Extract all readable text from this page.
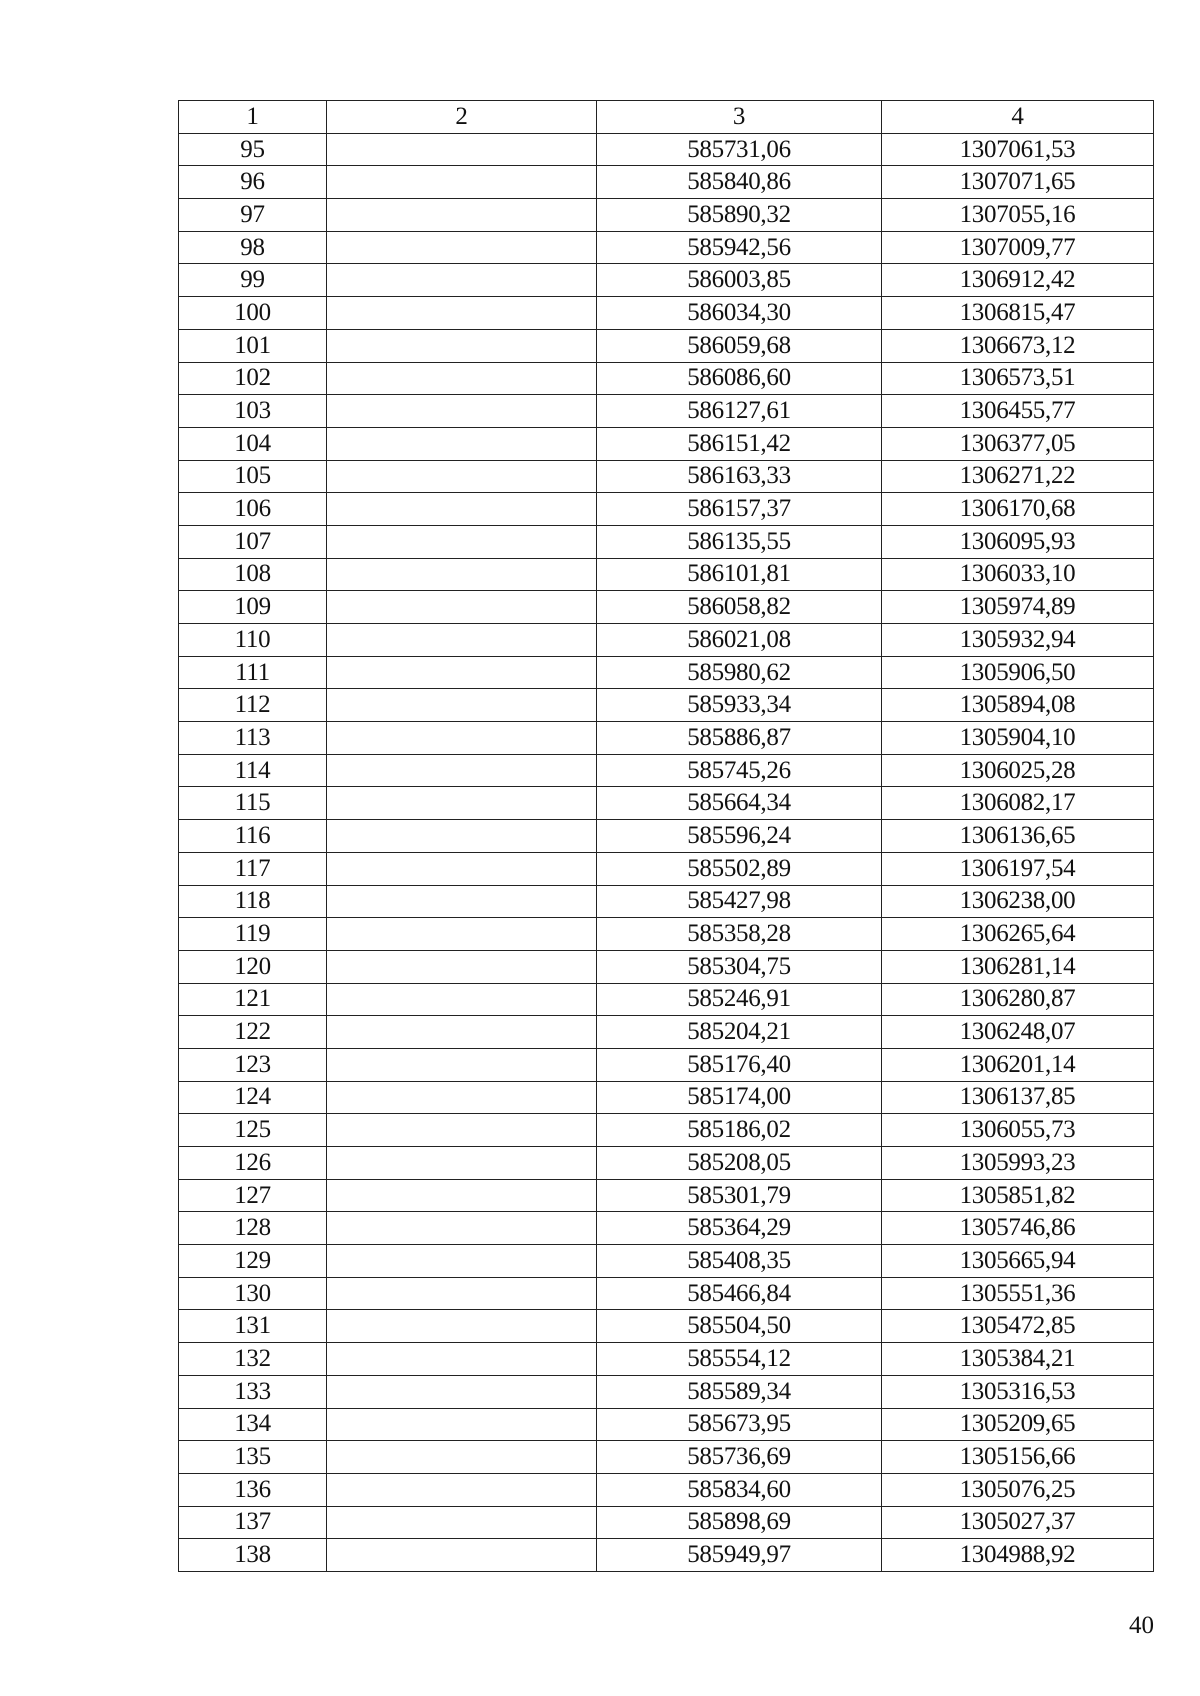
1	2	3	4
95		585731,06	1307061,53
96		585840,86	1307071,65
97		585890,32	1307055,16
98		585942,56	1307009,77
99		586003,85	1306912,42
100		586034,30	1306815,47
101		586059,68	1306673,12
102		586086,60	1306573,51
103		586127,61	1306455,77
104		586151,42	1306377,05
105		586163,33	1306271,22
106		586157,37	1306170,68
107		586135,55	1306095,93
108		586101,81	1306033,10
109		586058,82	1305974,89
110		586021,08	1305932,94
111		585980,62	1305906,50
112		585933,34	1305894,08
113		585886,87	1305904,10
114		585745,26	1306025,28
115		585664,34	1306082,17
116		585596,24	1306136,65
117		585502,89	1306197,54
118		585427,98	1306238,00
119		585358,28	1306265,64
120		585304,75	1306281,14
121		585246,91	1306280,87
122		585204,21	1306248,07
123		585176,40	1306201,14
124		585174,00	1306137,85
125		585186,02	1306055,73
126		585208,05	1305993,23
127		585301,79	1305851,82
128		585364,29	1305746,86
129		585408,35	1305665,94
130		585466,84	1305551,36
131		585504,50	1305472,85
132		585554,12	1305384,21
133		585589,34	1305316,53
134		585673,95	1305209,65
135		585736,69	1305156,66
136		585834,60	1305076,25
137		585898,69	1305027,37
138		585949,97	1304988,92
40
